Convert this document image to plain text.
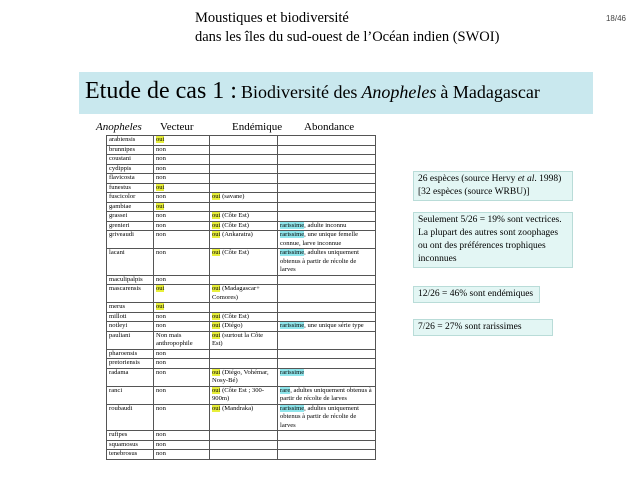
Moustiques et biodiversité
dans les îles du sud-ouest de l’Océan indien (SWOI)
18/46
Etude de cas 1 : Biodiversité des Anopheles à Madagascar
Anopheles Vecteur	Endémique Abondance
arabiensis	oui		
brunnipes	non		
coustani	non		
cydippis	non		
flavicosta	non		
funestus	oui		
fuscicolor	non	oui (savane)	
gambiae	oui		
grassei	non	oui (Côte Est)	
grenieri	non	oui (Côte Est)	rarissime, adulte inconnu
griveaudi	non	oui (Ankaratra)	rarissime, une unique femelle connue, larve inconnue
lacani	non	oui (Côte Est)	rarissime, adultes uniquement obtenus à partir de récolte de larves
maculipalpis	non		
mascarensis	oui	oui (Madagascar+ Comores)	
merus	oui		
milloti	non	oui (Côte Est)	
notleyi	non	oui (Diégo)	rarissime, une unique série type
pauliani	Non mais anthropophile	oui (surtout la Côte Est)	
pharoensis	non		
pretoriensis	non		
radama	non	oui (Diégo, Vohémar, Nosy-Bé)	rarissime
ranci	non	oui (Côte Est ; 300-900m)	rare, adultes uniquement obtenus à partir de récolte de larves
roubaudi	non	oui (Mandraka)	rarissime, adultes uniquement obtenus à partir de récolte de larves
rufipes	non		
squamosus	non		
tenebrosus	non		
26 espèces (source Hervy et al. 1998)
[32 espèces (source WRBU)]
Seulement 5/26 = 19% sont vectrices.
La plupart des autres sont zoophages
ou ont des préférences trophiques
inconnues
12/26 = 46% sont endémiques
7/26 = 27% sont rarissimes
